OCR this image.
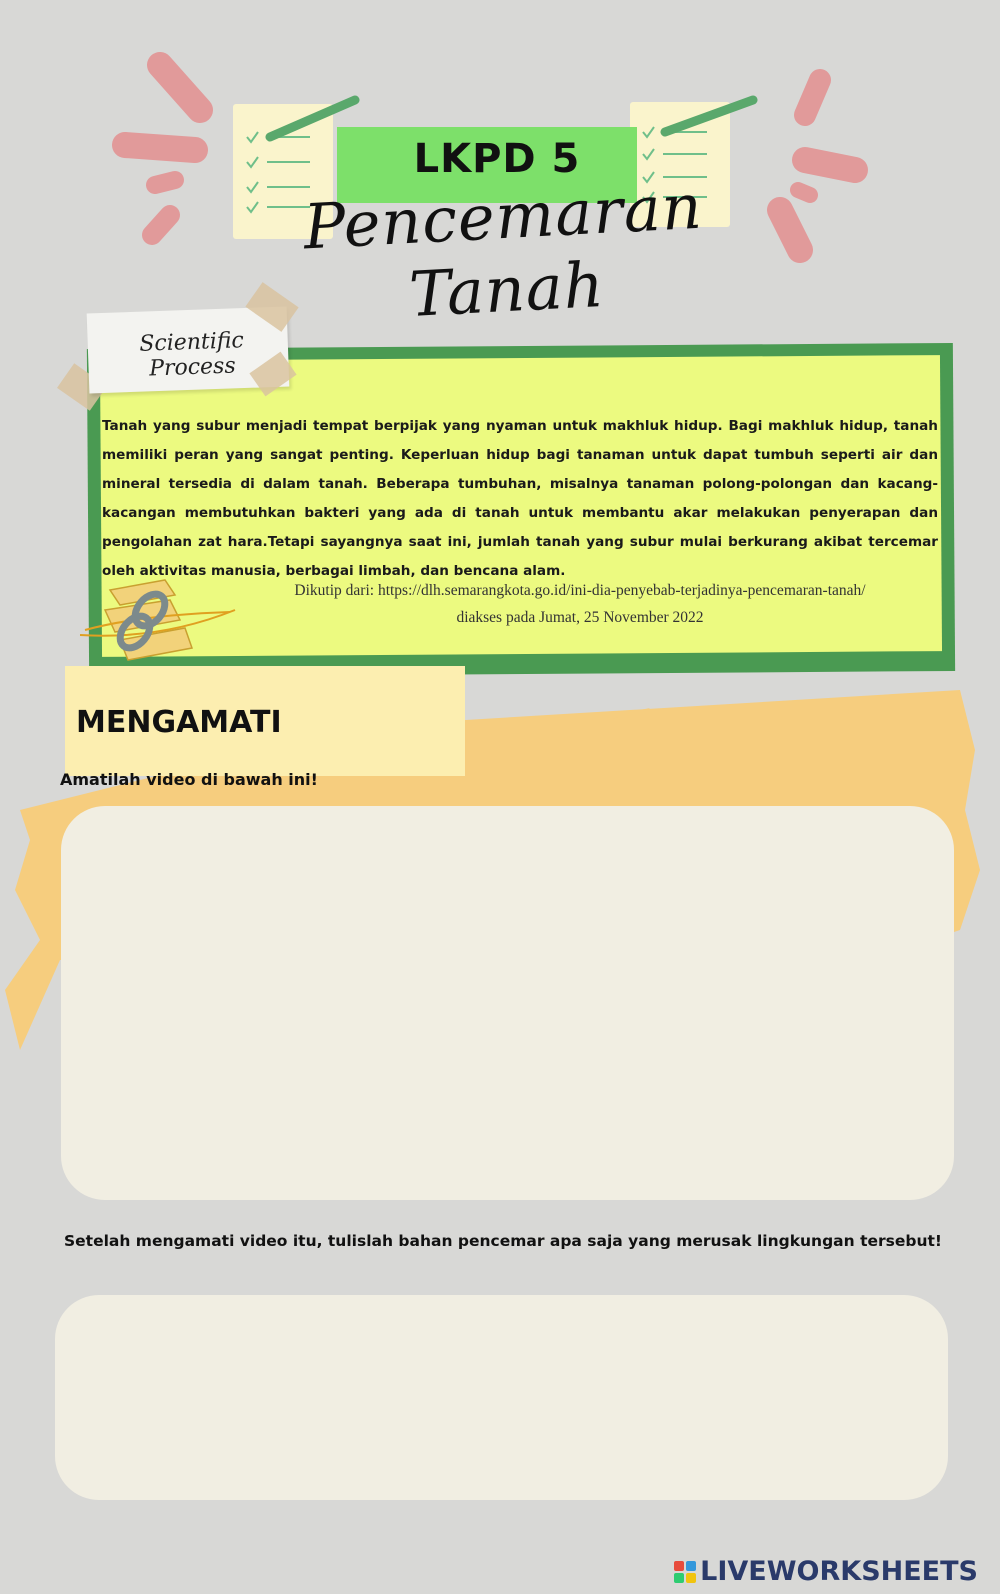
LKPD 5
Pencemaran Tanah
Scientific Process
Tanah yang subur menjadi tempat berpijak yang nyaman untuk makhluk hidup. Bagi makhluk hidup, tanah memiliki peran yang sangat penting. Keperluan hidup bagi tanaman untuk dapat tumbuh seperti air dan mineral tersedia di dalam tanah. Beberapa tumbuhan, misalnya tanaman polong-polongan dan kacang-kacangan membutuhkan bakteri yang ada di tanah untuk membantu akar melakukan penyerapan dan pengolahan zat hara.Tetapi sayangnya saat ini, jumlah tanah yang subur mulai berkurang akibat tercemar oleh aktivitas manusia, berbagai limbah, dan bencana alam.
Dikutip dari: https://dlh.semarangkota.go.id/ini-dia-penyebab-terjadinya-pencemaran-tanah/
diakses pada Jumat, 25 November 2022
MENGAMATI
Amatilah video di bawah ini!
Setelah mengamati video itu, tulislah bahan pencemar apa saja yang merusak lingkungan tersebut!
LIVEWORKSHEETS
